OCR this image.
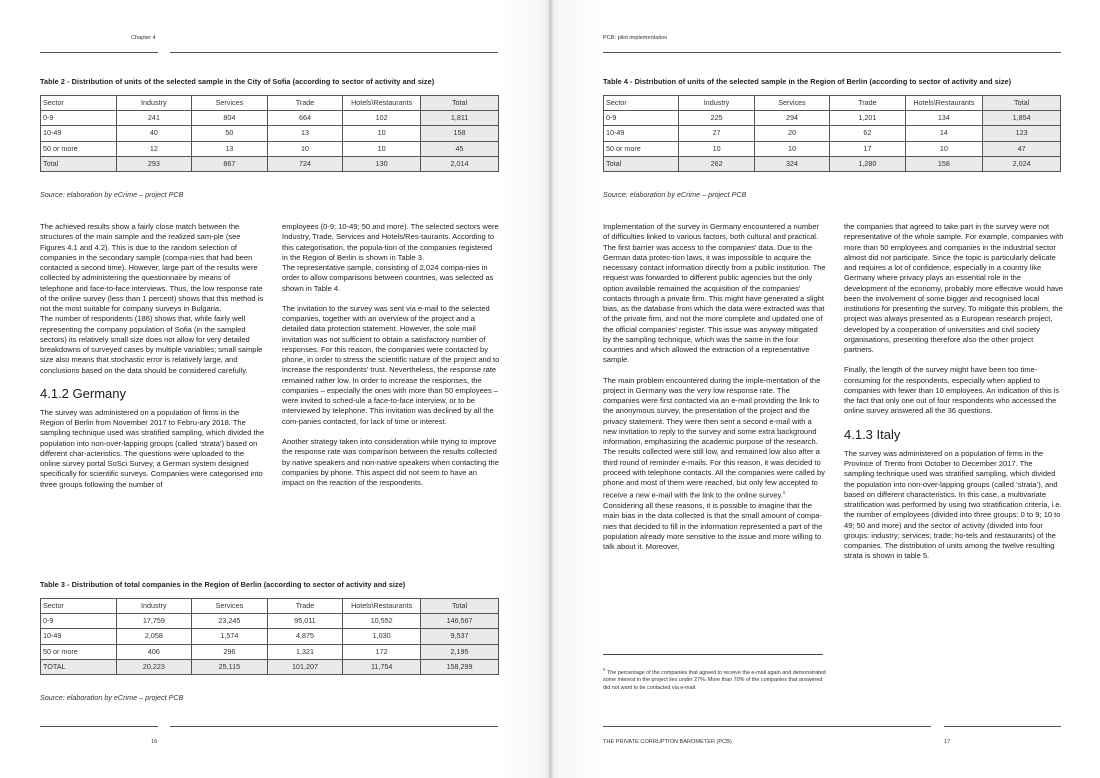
Chapter 4
Table 2 - Distribution of units of the selected sample in the City of Sofia (according to sector of activity and size)
Sector	Industry	Services	Trade	Hotels\Restaurants	Total
0-9	241	804	664	102	1,811
10-49	40	50	13	10	158
50 or more	12	13	10	10	45
Total	293	867	724	130	2,014
Source: elaboration by eCrime – project PCB

The achieved results show a fairly close match between the structures of the main sample and the realized sam-ple (see Figures 4.1 and 4.2). This is due to the random selection of companies in the secondary sample (compa-nies that had been contacted a second time). However, large part of the results were collected by administering the questionnaire by means of telephone and face-to-face interviews. Thus, the low response rate of the online survey (less than 1 percent) shows that this method is not the most suitable for company surveys in Bulgaria.

The number of respondents (186) shows that, while fairly well representing the company population of Sofia (in the sampled sectors) its relatively small size does not allow for very detailed breakdowns of surveyed cases by multiple variables; small sample size also means that stochastic error is relatively large, and conclusions based on the data should be considered carefully.

4.1.2 Germany

The survey was administered on a population of firms in the Region of Berlin from November 2017 to Febru-ary 2018. The sampling technique used was stratified sampling, which divided the population into non-over-lapping groups (called ‘strata’) based on different char-acteristics. The questions were uploaded to the online survey portal SoSci Survey, a German system designed specifically for scientific surveys. Companies were categorised into three groups following the number of

employees (0-9; 10-49; 50 and more). The selected sectors were Industry, Trade, Services and Hotels/Res-taurants. According to this categorisation, the popula-tion of the companies registered in the Region of Berlin is shown in Table 3.

The representative sample, consisting of 2,024 compa-nies in order to allow comparisons between countries, was selected as shown in Table 4.

The invitation to the survey was sent via e-mail to the selected companies, together with an overview of the project and a detailed data protection statement. However, the sole mail invitation was not sufficient to obtain a satisfactory number of responses. For this reason, the companies were contacted by phone, in order to stress the scientific nature of the project and to increase the respondents' trust. Nevertheless, the response rate remained rather low. In order to increase the responses, the companies – especially the ones with more than 50 employees – were invited to sched-ule a face-to-face interview, or to be interviewed by telephone. This invitation was declined by all the com-panies contacted, for lack of time or interest.

Another strategy taken into consideration while trying to improve the response rate was comparison between the results collected by native speakers and non-native speakers when contacting the companies by phone. This aspect did not seem to have an impact on the reaction of the respondents.

Table 3 - Distribution of total companies in the Region of Berlin (according to sector of activity and size)
Sector	Industry	Services	Trade	Hotels\Restaurants	Total
0-9	17,759	23,245	95,011	10,552	146,567
10-49	2,058	1,574	4,875	1,030	9,537
50 or more	406	296	1,321	172	2,195
TOTAL	20,223	25,115	101,207	11,754	158,299
Source: elaboration by eCrime – project PCB
16
PCB: pilot implementation
Table 4 - Distribution of units of the selected sample in the Region of Berlin (according to sector of activity and size)
Sector	Industry	Services	Trade	Hotels\Restaurants	Total
0-9	225	294	1,201	134	1,854
10-49	27	20	62	14	123
50 or more	10	10	17	10	47
Total	262	324	1,280	158	2,024
Source: elaboration by eCrime – project PCB

Implementation of the survey in Germany encountered a number of difficulties linked to various factors, both cultural and practical. The first barrier was access to the companies' data. Due to the German data protec-tion laws, it was impossible to acquire the necessary contact information directly from a public institution. The request was forwarded to different public agencies but the only option available remained the acquisition of the companies' contacts through a private firm. This might have generated a slight bias, as the database from which the data were extracted was that of the private firm, and not the more complete and updated one of the official companies' register. This issue was anyway mitigated by the sampling technique, which was the same in the four countries and which allowed the extraction of a representative sample.

The main problem encountered during the imple-mentation of the project in Germany was the very low response rate. The companies were first contacted via an e-mail providing the link to the anonymous survey, the presentation of the project and the privacy statement. They were then sent a second e-mail with a new invitation to reply to the survey and some extra background information, emphasizing the academic purpose of the research. The results collected were still low, and remained low also after a third round of reminder e-mails. For this reason, it was decided to proceed with telephone contacts. All the companies were called by phone and most of them were reached, but only few accepted to receive a new e-mail with the link to the online survey.$^8$ Considering all these reasons, it is possible to imagine that the main bias in the data collected is that the small amount of compa-nies that decided to fill in the information represented a part of the population already more sensitive to the issue and more willing to talk about it. Moreover,

$^8$ The percentage of the companies that agreed to receive the e-mail again and demonstrated some interest in the project lies under 27%. More than 70% of the companies that answered did not want to be contacted via e-mail.

the companies that agreed to take part in the survey were not representative of the whole sample. For example, companies with more than 50 employees and companies in the industrial sector almost did not participate. Since the topic is particularly delicate and requires a lot of confidence, especially in a country like Germany where privacy plays an essential role in the development of the economy, probably more effective would have been the involvement of some bigger and recognised local institutions for presenting the survey. To mitigate this problem, the project was always presented as a European research project, developed by a cooperation of universities and civil society organisations, presenting therefore also the other project partners.

Finally, the length of the survey might have been too time-consuming for the respondents, especially when applied to companies with fewer than 10 employees. An indication of this is the fact that only one out of four respondents who accessed the online survey answered all the 36 questions.

4.1.3 Italy

The survey was administered on a population of firms in the Province of Trento from October to December 2017. The sampling technique used was stratified sampling, which divided the population into non-over-lapping groups (called ‘strata’), and based on different characteristics. In this case, a multivariate stratification was performed by using two stratification criteria, i.e. the number of employees (divided into three groups: 0 to 9; 10 to 49; 50 and more) and the sector of activity (divided into four groups: industry; services; trade; ho-tels and restaurants) of the companies. The distribution of units among the twelve resulting strata is shown in table 5.

THE PRIVATE CORRUPTION BAROMETER (PCB)	17
